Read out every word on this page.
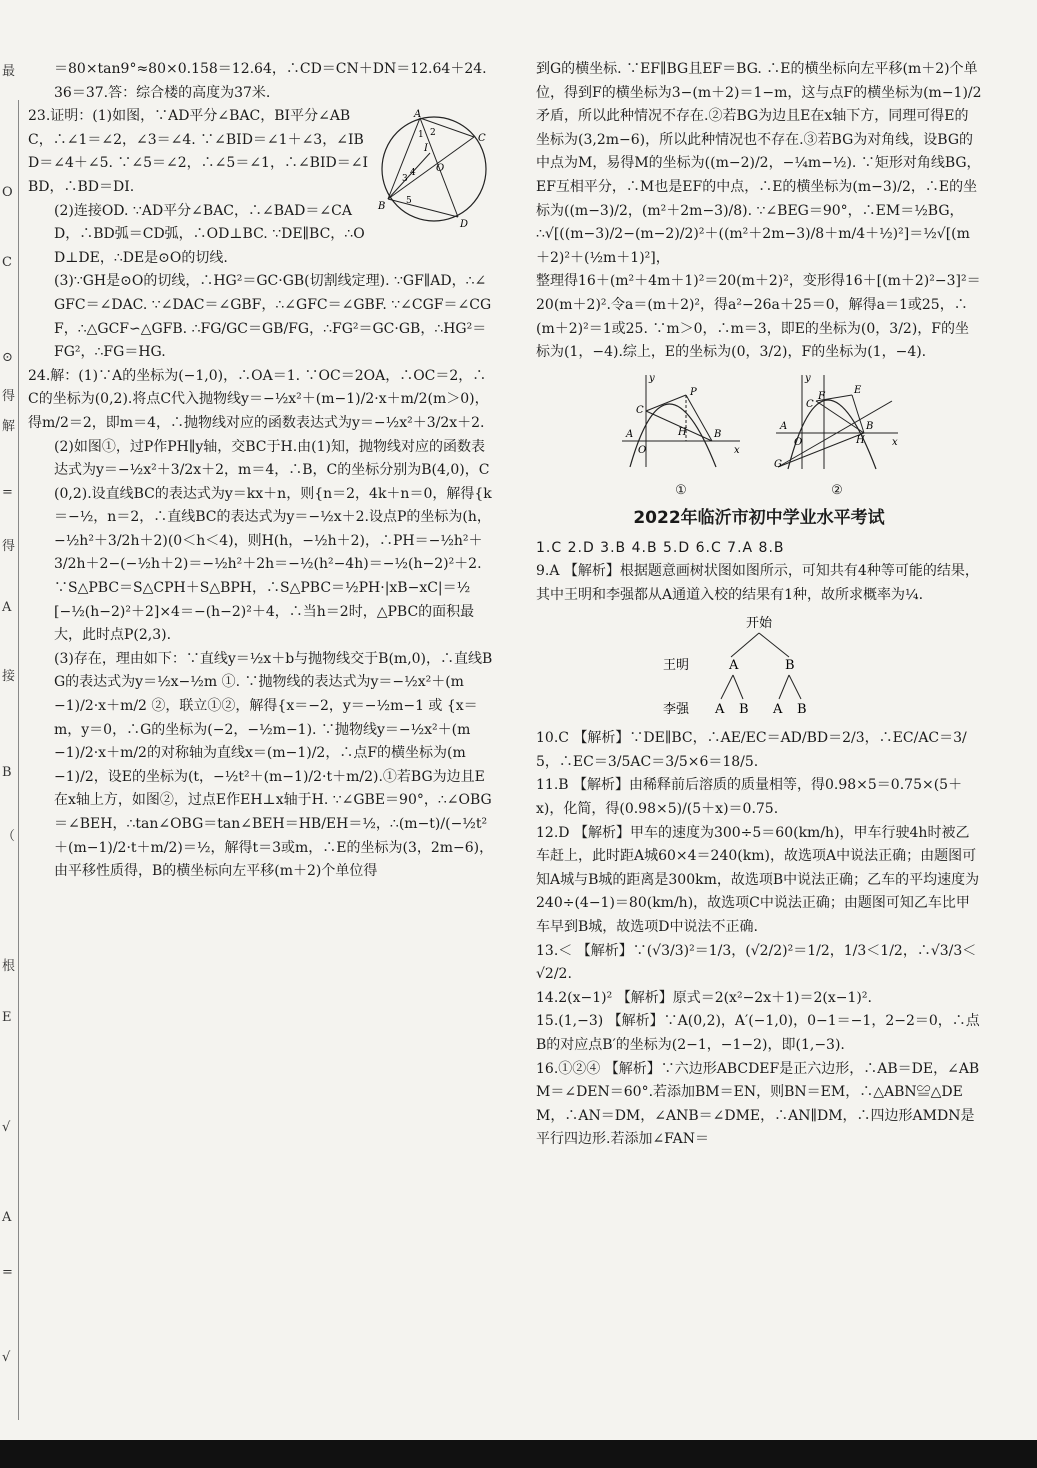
最
O
C
⊙
得
解
=
得
A
接
B
（
根
E
√
A
=
√

＝80×tan9°≈80×0.158＝12.64，∴CD＝CN＋DN＝12.64＋24.36＝37.答：综合楼的高度为37米.

A
B
C
D
O
I
1 2
3
4
5

23.证明：(1)如图，∵AD平分∠BAC，BI平分∠ABC，∴∠1＝∠2，∠3＝∠4. ∵∠BID＝∠1＋∠3，∠IBD＝∠4＋∠5. ∵∠5＝∠2，∴∠5＝∠1，∴∠BID＝∠IBD，∴BD＝DI.

(2)连接OD. ∵AD平分∠BAC，∴∠BAD＝∠CAD，∴BD弧＝CD弧，∴OD⊥BC. ∵DE∥BC，∴OD⊥DE，∴DE是⊙O的切线.

(3)∵GH是⊙O的切线，∴HG²＝GC·GB(切割线定理). ∵GF∥AD，∴∠GFC＝∠DAC. ∵∠DAC＝∠GBF，∴∠GFC＝∠GBF. ∵∠CGF＝∠CGF，∴△GCF∽△GFB. ∴FG/GC＝GB/FG，∴FG²＝GC·GB，∴HG²＝FG²，∴FG＝HG.

24.解：(1)∵A的坐标为(−1,0)，∴OA＝1. ∵OC＝2OA，∴OC＝2，∴C的坐标为(0,2).将点C代入抛物线y＝−½x²＋(m−1)/2·x＋m/2(m＞0)，得m/2＝2，即m＝4，∴抛物线对应的函数表达式为y＝−½x²＋3/2x＋2.

(2)如图①，过P作PH∥y轴，交BC于H.由(1)知，抛物线对应的函数表达式为y＝−½x²＋3/2x＋2，m＝4，∴B，C的坐标分别为B(4,0)，C(0,2).设直线BC的表达式为y＝kx＋n，则{n＝2，4k＋n＝0，解得{k＝−½，n＝2，∴直线BC的表达式为y＝−½x＋2.设点P的坐标为(h，−½h²＋3/2h＋2)(0＜h＜4)，则H(h，−½h＋2)，∴PH＝−½h²＋3/2h＋2−(−½h＋2)＝−½h²＋2h＝−½(h²−4h)＝−½(h−2)²＋2. ∵S△PBC＝S△CPH＋S△BPH，∴S△PBC＝½PH·|xB−xC|＝½[−½(h−2)²＋2]×4＝−(h−2)²＋4，∴当h＝2时，△PBC的面积最大，此时点P(2,3).

(3)存在，理由如下：∵直线y＝½x＋b与抛物线交于B(m,0)，∴直线BG的表达式为y＝½x−½m ①. ∵抛物线的表达式为y＝−½x²＋(m−1)/2·x＋m/2 ②，联立①②，解得{x＝−2，y＝−½m−1 或 {x＝m，y＝0，∴G的坐标为(−2，−½m−1). ∵抛物线y＝−½x²＋(m−1)/2·x＋m/2的对称轴为直线x＝(m−1)/2，∴点F的横坐标为(m−1)/2，设E的坐标为(t，−½t²＋(m−1)/2·t＋m/2).①若BG为边且E在x轴上方，如图②，过点E作EH⊥x轴于H. ∵∠GBE＝90°，∴∠OBG＝∠BEH，∴tan∠OBG＝tan∠BEH＝HB/EH＝½，∴(m−t)/(−½t²＋(m−1)/2·t＋m/2)＝½，解得t＝3或m，∴E的坐标为(3，2m−6)，由平移性质得，B的横坐标向左平移(m＋2)个单位得

到G的横坐标. ∵EF∥BG且EF＝BG. ∴E的横坐标向左平移(m＋2)个单位，得到F的横坐标为3−(m＋2)＝1−m，这与点F的横坐标为(m−1)/2矛盾，所以此种情况不存在.②若BG为边且E在x轴下方，同理可得E的坐标为(3,2m−6)，所以此种情况也不存在.③若BG为对角线，设BG的中点为M，易得M的坐标为((m−2)/2，−¼m−½). ∵矩形对角线BG，EF互相平分，∴M也是EF的中点，∴E的横坐标为(m−3)/2，∴E的坐标为((m−3)/2，(m²＋2m−3)/8). ∵∠BEG＝90°，∴EM＝½BG，

∴√[((m−3)/2−(m−2)/2)²＋((m²＋2m−3)/8＋m/4＋½)²]＝½√[(m＋2)²＋(½m＋1)²]，

整理得16＋(m²＋4m＋1)²＝20(m＋2)²，变形得16＋[(m＋2)²−3]²＝20(m＋2)².令a＝(m＋2)²，得a²−26a＋25＝0，解得a＝1或25，∴(m＋2)²＝1或25. ∵m＞0，∴m＝3，即E的坐标为(0，3/2)，F的坐标为(1，−4).综上，E的坐标为(0，3/2)，F的坐标为(1，−4).

y
x
O
A	B
C
P
H
①
y
x
O
A	B
C
E
F
G
H
②
2022年临沂市初中学业水平考试

1.C 2.D 3.B 4.B 5.D 6.C 7.A 8.B

9.A 【解析】根据题意画树状图如图所示，可知共有4种等可能的结果，其中王明和李强都从A通道入校的结果有1种，故所求概率为¼.

开始
王明	A	B
李强 A B A B

10.C 【解析】∵DE∥BC，∴AE/EC＝AD/BD＝2/3，∴EC/AC＝3/5，∴EC＝3/5AC＝3/5×6＝18/5.

11.B 【解析】由稀释前后溶质的质量相等，得0.98×5＝0.75×(5＋x)，化简，得(0.98×5)/(5＋x)＝0.75.

12.D 【解析】甲车的速度为300÷5＝60(km/h)，甲车行驶4h时被乙车赶上，此时距A城60×4＝240(km)，故选项A中说法正确；由题图可知A城与B城的距离是300km，故选项B中说法正确；乙车的平均速度为240÷(4−1)＝80(km/h)，故选项C中说法正确；由题图可知乙车比甲车早到B城，故选项D中说法不正确.

13.＜ 【解析】∵(√3/3)²＝1/3，(√2/2)²＝1/2，1/3＜1/2，∴√3/3＜√2/2.

14.2(x−1)² 【解析】原式＝2(x²−2x＋1)＝2(x−1)².

15.(1,−3) 【解析】∵A(0,2)，A′(−1,0)，0−1＝−1，2−2＝0，∴点B的对应点B′的坐标为(2−1，−1−2)，即(1,−3).

16.①②④ 【解析】∵六边形ABCDEF是正六边形，∴AB＝DE，∠ABM＝∠DEN＝60°.若添加BM＝EN，则BN＝EM，∴△ABN≌△DEM，∴AN＝DM，∠ANB＝∠DME，∴AN∥DM，∴四边形AMDN是平行四边形.若添加∠FAN＝
